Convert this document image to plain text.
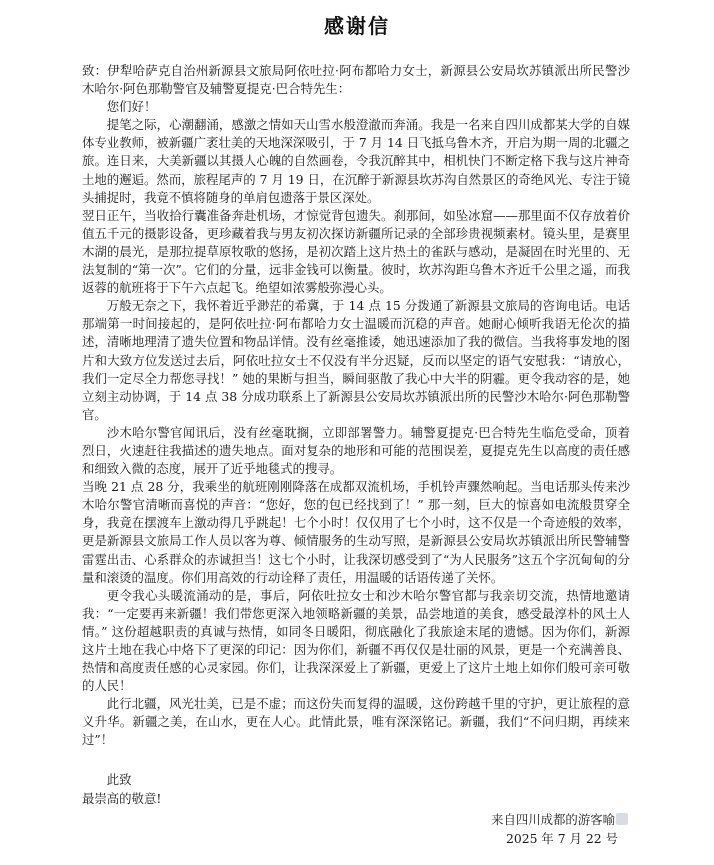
感谢信

致：伊犁哈萨克自治州新源县文旅局阿依吐拉·阿布都哈力女士，新源县公安局坎苏镇派出所民警沙木哈尔·阿色那勒警官及辅警夏提克·巴合特先生：

您们好！

提笔之际，心潮翻涌，感激之情如天山雪水般澄澈而奔涌。我是一名来自四川成都某大学的自媒体专业教师，被新疆广袤壮美的天地深深吸引，于 7 月 14 日飞抵乌鲁木齐，开启为期一周的北疆之旅。连日来，大美新疆以其摄人心魄的自然画卷，令我沉醉其中，相机快门不断定格下我与这片神奇土地的邂逅。然而，旅程尾声的 7 月 19 日，在沉醉于新源县坎苏沟自然景区的奇绝风光、专注于镜头捕捉时，我竟不慎将随身的单肩包遗落于景区深处。

翌日正午，当收拾行囊准备奔赴机场，才惊觉背包遗失。刹那间，如坠冰窟——那里面不仅存放着价值五千元的摄影设备，更珍藏着我与男友初次探访新疆所记录的全部珍贵视频素材。镜头里，是赛里木湖的晨光，是那拉提草原牧歌的悠扬，是初次踏上这片热土的雀跃与感动，是凝固在时光里的、无法复制的“第一次”。它们的分量，远非金钱可以衡量。彼时，坎苏沟距乌鲁木齐近千公里之遥，而我返蓉的航班将于下午六点起飞。绝望如浓雾般弥漫心头。

万般无奈之下，我怀着近乎渺茫的希冀，于 14 点 15 分拨通了新源县文旅局的咨询电话。电话那端第一时间接起的，是阿依吐拉·阿布都哈力女士温暖而沉稳的声音。她耐心倾听我语无伦次的描述，清晰地理清了遗失位置和物品详情。没有丝毫推诿，她迅速添加了我的微信。当我将事发地的图片和大致方位发送过去后，阿依吐拉女士不仅没有半分迟疑，反而以坚定的语气安慰我：“请放心，我们一定尽全力帮您寻找！” 她的果断与担当，瞬间驱散了我心中大半的阴霾。更令我动容的是，她立刻主动协调，于 14 点 38 分成功联系上了新源县公安局坎苏镇派出所的民警沙木哈尔·阿色那勒警官。

沙木哈尔警官闻讯后，没有丝毫耽搁，立即部署警力。辅警夏提克·巴合特先生临危受命，顶着烈日，火速赶往我描述的遗失地点。面对复杂的地形和可能的范围误差，夏提克先生以高度的责任感和细致入微的态度，展开了近乎地毯式的搜寻。

当晚 21 点 28 分，我乘坐的航班刚刚降落在成都双流机场，手机铃声骤然响起。当电话那头传来沙木哈尔警官清晰而喜悦的声音：“您好，您的包已经找到了！” 那一刻，巨大的惊喜如电流般贯穿全身，我竟在摆渡车上激动得几乎跳起！七个小时！仅仅用了七个小时，这不仅是一个奇迹般的效率，更是新源县文旅局工作人员以客为尊、倾情服务的生动写照，是新源县公安局坎苏镇派出所民警辅警雷霆出击、心系群众的赤诚担当！这七个小时，让我深切感受到了“为人民服务”这五个字沉甸甸的分量和滚烫的温度。你们用高效的行动诠释了责任，用温暖的话语传递了关怀。

更令我心头暖流涌动的是，事后，阿依吐拉女士和沙木哈尔警官都与我亲切交流，热情地邀请我：“一定要再来新疆！我们带您更深入地领略新疆的美景，品尝地道的美食，感受最淳朴的风土人情。” 这份超越职责的真诚与热情，如同冬日暖阳，彻底融化了我旅途末尾的遗憾。因为你们，新源这片土地在我心中烙下了更深的印记：因为你们，新疆不再仅仅是壮丽的风景，更是一个充满善良、热情和高度责任感的心灵家园。你们，让我深深爱上了新疆，更爱上了这片土地上如你们般可亲可敬的人民！

此行北疆，风光壮美，已是不虚；而这份失而复得的温暖，这份跨越千里的守护，更让旅程的意义升华。新疆之美，在山水，更在人心。此情此景，唯有深深铭记。新疆，我们“不问归期，再续来过”！

此致
最崇高的敬意!
来自四川成都的游客喻
2025 年 7 月 22 号
